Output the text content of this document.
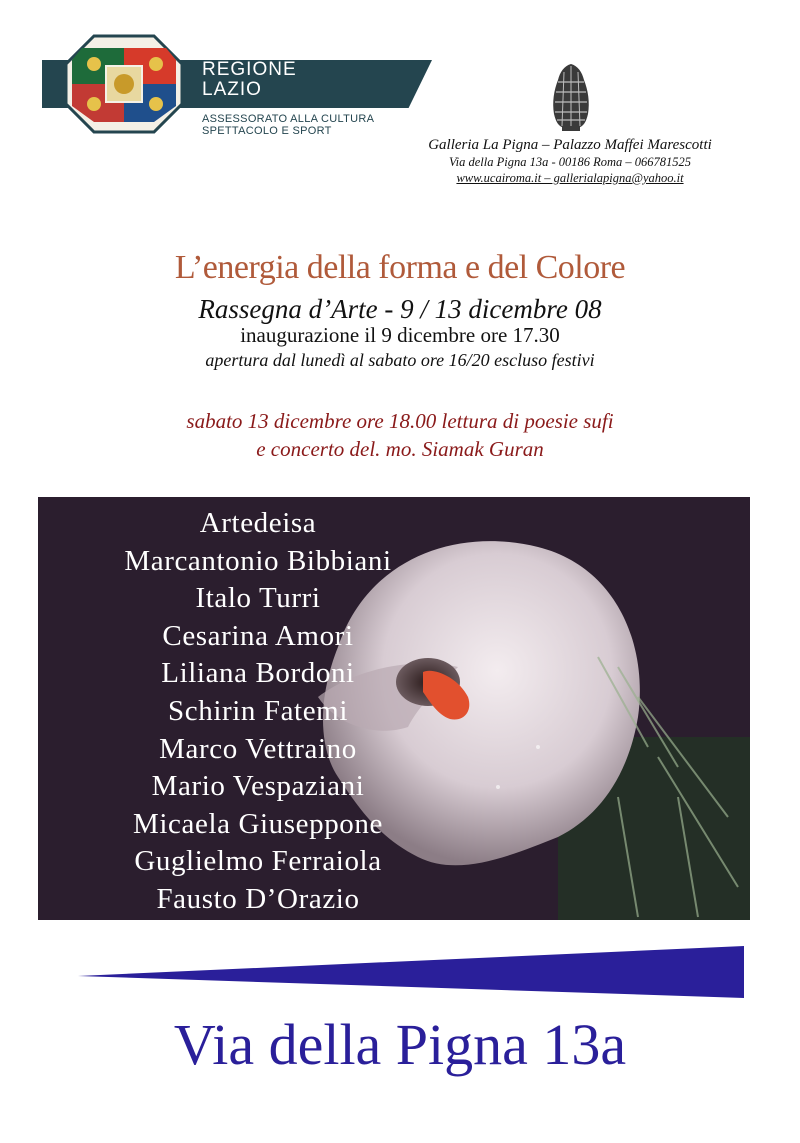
REGIONE
LAZIO
ASSESSORATO ALLA CULTURA
SPETTACOLO E SPORT
Galleria La Pigna – Palazzo Maffei Marescotti
Via della Pigna 13a - 00186 Roma – 066781525
www.ucairoma.it – gallerialapigna@yahoo.it
L’energia della forma e del Colore
Rassegna d’Arte - 9 / 13 dicembre 08
inaugurazione il 9 dicembre ore 17.30
apertura dal lunedì al sabato ore 16/20 escluso festivi
sabato 13 dicembre ore 18.00 lettura di poesie sufi
e concerto del. mo. Siamak Guran
Artedeisa
Marcantonio Bibbiani
Italo Turri
Cesarina Amori
Liliana Bordoni
Schirin Fatemi
Marco Vettraino
Mario Vespaziani
Micaela Giuseppone
Guglielmo Ferraiola
Fausto D’Orazio
Via della Pigna 13a
